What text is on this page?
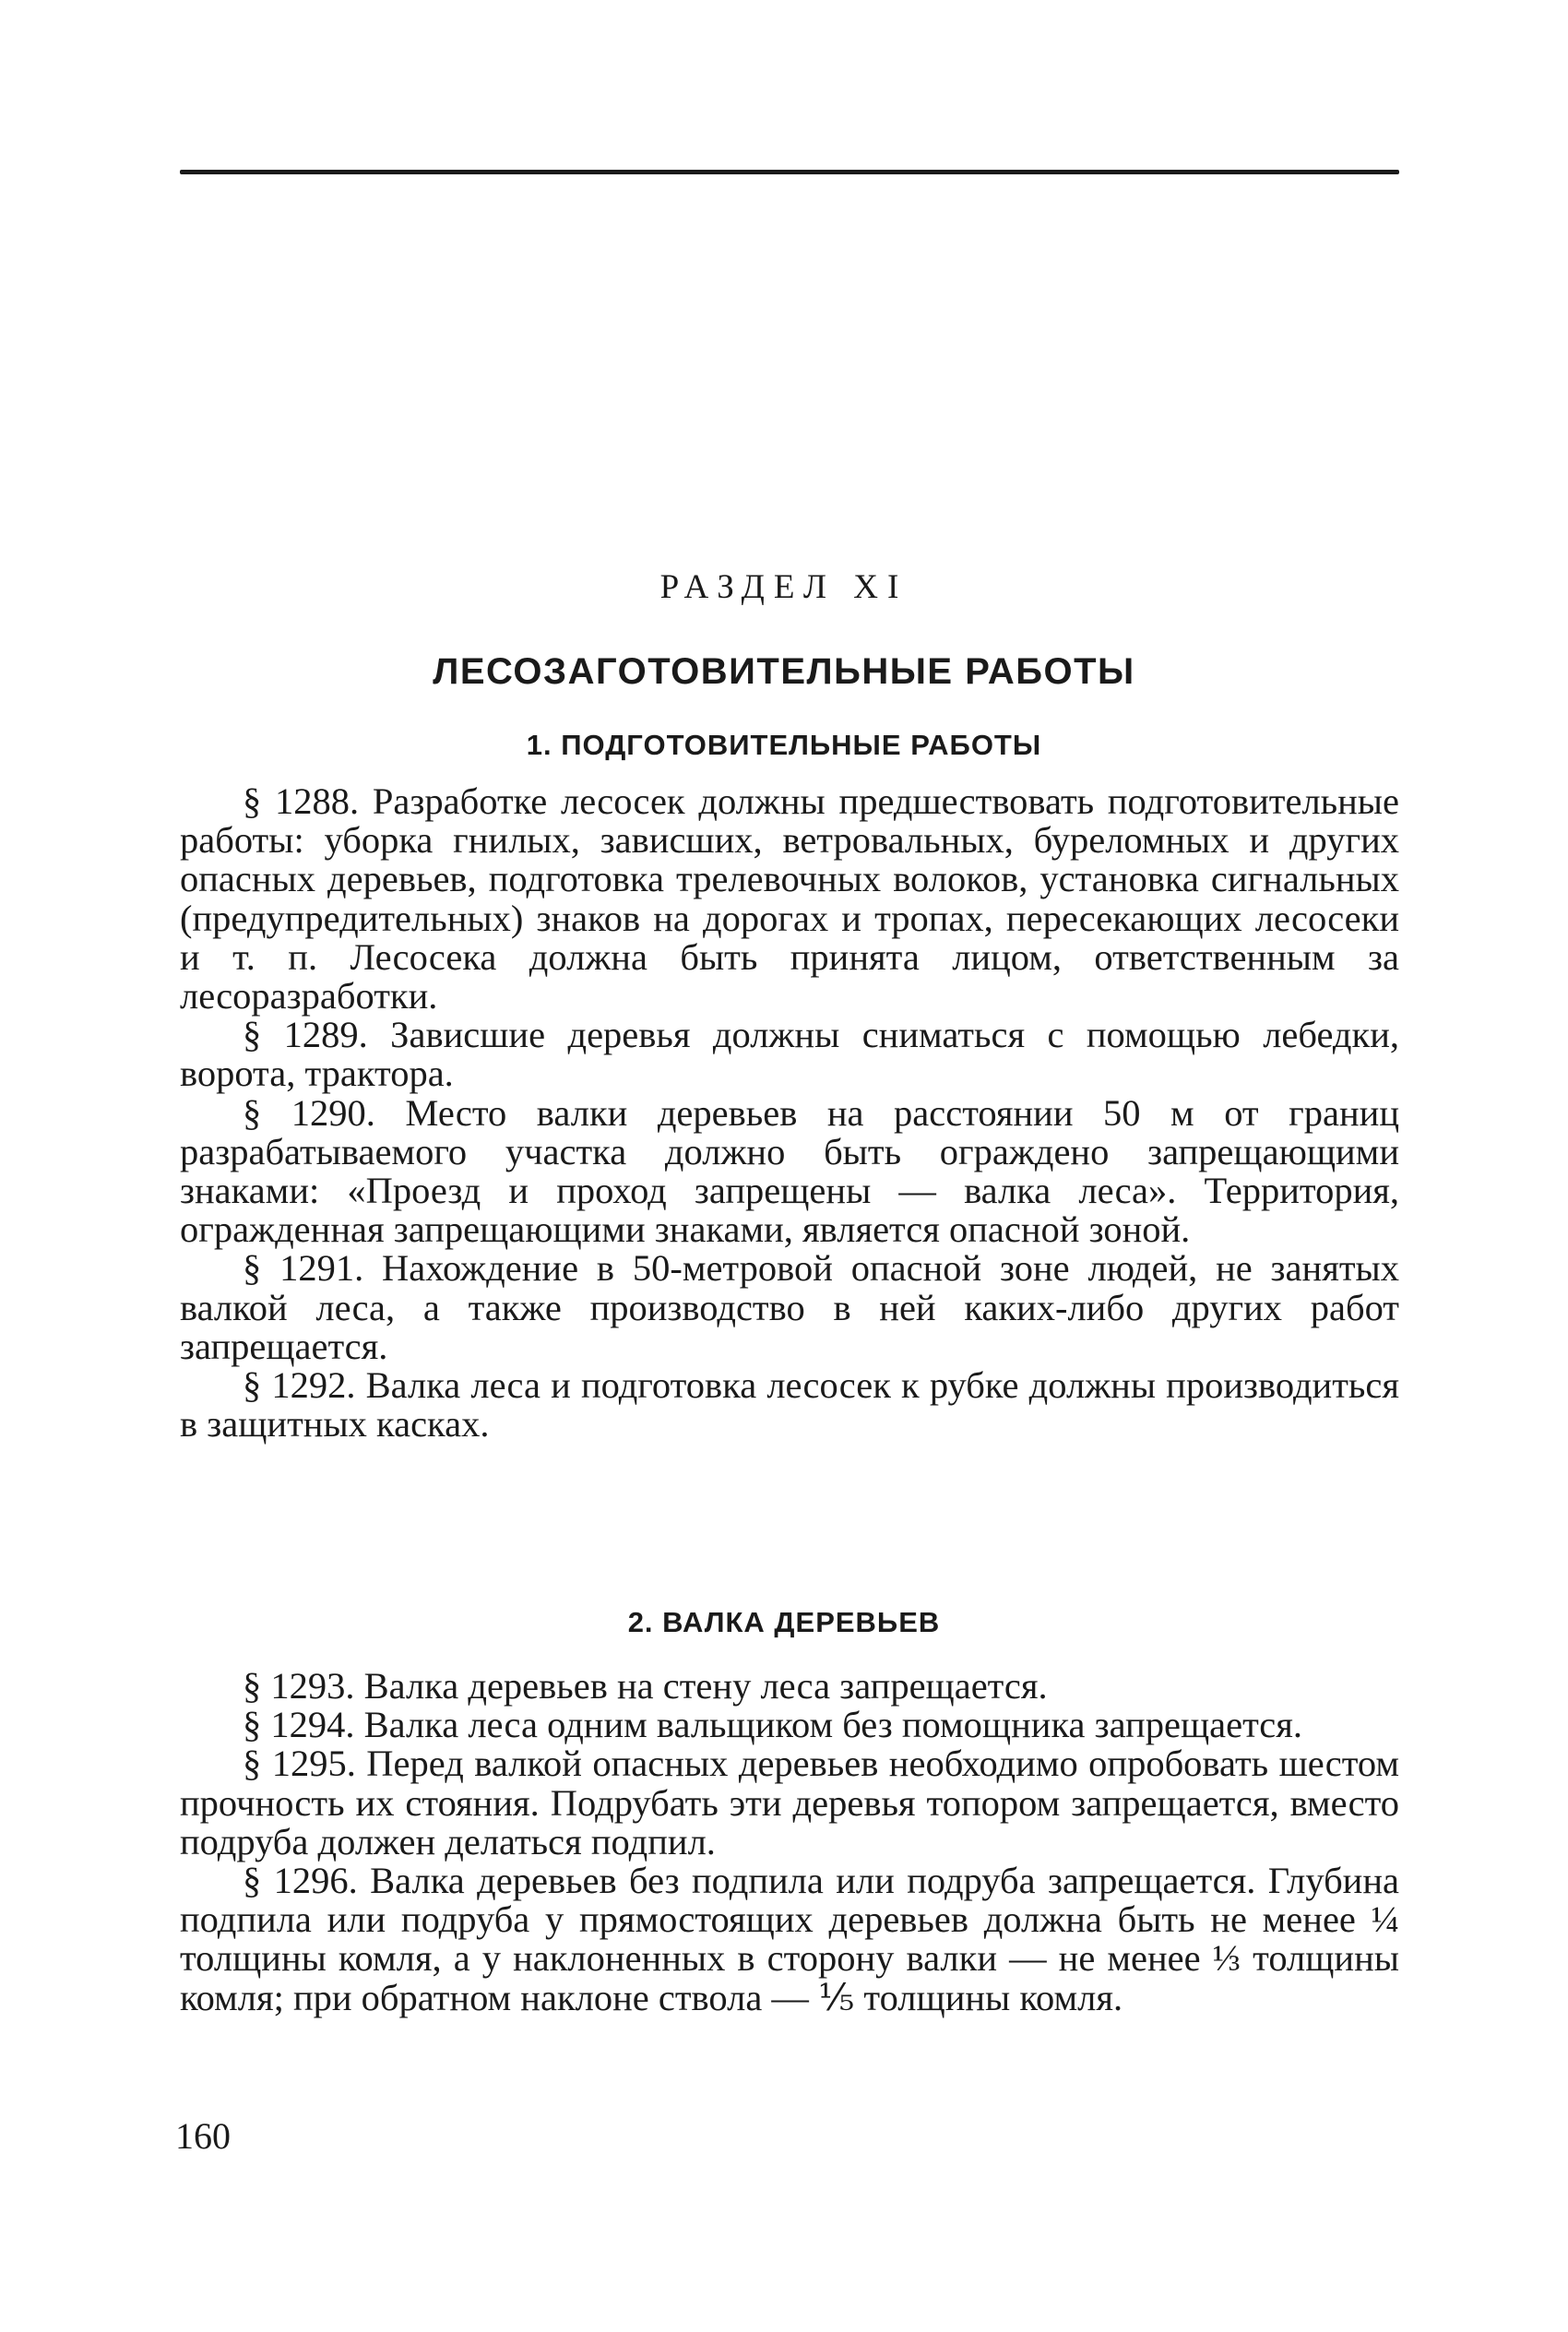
РАЗДЕЛ XI
ЛЕСОЗАГОТОВИТЕЛЬНЫЕ РАБОТЫ
1. ПОДГОТОВИТЕЛЬНЫЕ РАБОТЫ

§ 1288. Разработке лесосек должны предшествовать подготовительные работы: уборка гнилых, зависших, ветровальных, буреломных и других опасных деревьев, подготовка трелевочных волоков, установка сигнальных (предупредительных) знаков на дорогах и тропах, пересекающих лесосеки и т. п. Лесосека должна быть принята лицом, ответственным за лесоразработки.

§ 1289. Зависшие деревья должны сниматься с помощью лебедки, ворота, трактора.

§ 1290. Место валки деревьев на расстоянии 50 м от границ разрабатываемого участка должно быть ограждено запрещающими знаками: «Проезд и проход запрещены — валка леса». Территория, огражденная запрещающими знаками, является опасной зоной.

§ 1291. Нахождение в 50-метровой опасной зоне людей, не занятых валкой леса, а также производство в ней каких-либо других работ запрещается.

§ 1292. Валка леса и подготовка лесосек к рубке должны производиться в защитных касках.

2. ВАЛКА ДЕРЕВЬЕВ

§ 1293. Валка деревьев на стену леса запрещается.

§ 1294. Валка леса одним вальщиком без помощника запрещается.

§ 1295. Перед валкой опасных деревьев необходимо опробовать шестом прочность их стояния. Подрубать эти деревья топором запрещается, вместо подруба должен делаться подпил.

§ 1296. Валка деревьев без подпила или подруба запрещается. Глубина подпила или подруба у прямостоящих деревьев должна быть не менее ¼ толщины комля, а у наклоненных в сторону валки — не менее ⅓ толщины комля; при обратном наклоне ствола — ⅕ толщины комля.

160
